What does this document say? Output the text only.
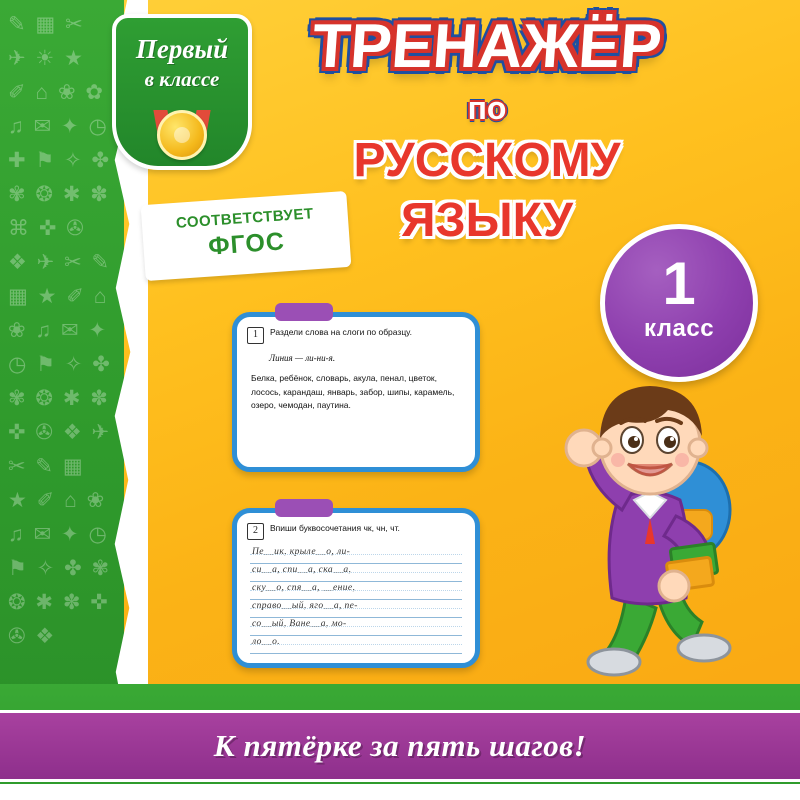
✎ ▦ ✂ ✈ ☀ ★ ✐ ⌂ ❀ ✿ ♫ ✉ ✦ ◷ ✚ ⚑ ✧ ✤ ✾ ❂ ✱ ✽ ⌘ ✜ ✇ ❖ ✈ ✂ ✎ ▦ ★ ✐ ⌂ ❀ ♫ ✉ ✦ ◷ ⚑ ✧ ✤ ✾ ❂ ✱ ✽ ✜ ✇ ❖ ✈ ✂ ✎ ▦ ★ ✐ ⌂ ❀ ♫ ✉ ✦ ◷ ⚑ ✧ ✤ ✾ ❂ ✱ ✽ ✜ ✇ ❖
Первый
в классе	ТРЕНАЖЁР
по
РУССКОМУ
ЯЗЫКУ
СООТВЕТСТВУЕТ
ФГОС
1
класс
1	Раздели слова на слоги по образцу.
Линия — ли-ни-я.
Белка, ребёнок, словарь, акула, пенал, цветок, лосось, карандаш, январь, забор, шипы, карамель, озеро, чемодан, паутина.
2	Впиши буквосочетания чк, чн, чт.
Пе__ик, крыле__о, ли-
си__а, спи__а, ска__а,
ску__о, спя__а, __ение,
справо__ый, яго__а, пе-
со__ый, Ване__а, мо-
ло__о.
К пятёрке за пять шагов!
